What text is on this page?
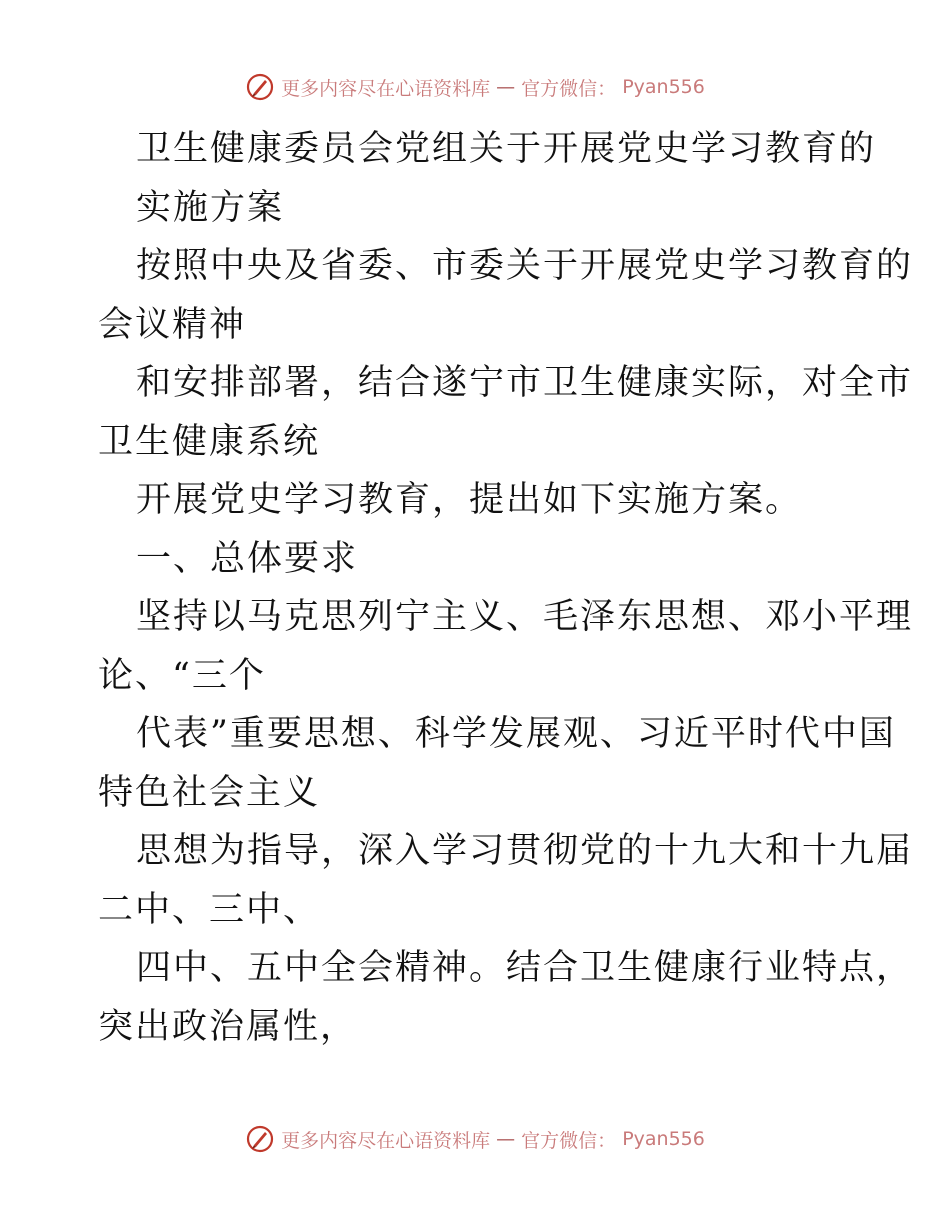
更多内容尽在心语资料库 — 官方微信： Pyan556
卫生健康委员会党组关于开展党史学习教育的
实施方案
按照中央及省委、市委关于开展党史学习教育的
会议精神
和安排部署，结合遂宁市卫生健康实际，对全市
卫生健康系统
开展党史学习教育，提出如下实施方案。
一、总体要求
坚持以马克思列宁主义、毛泽东思想、邓小平理
论、“三个
代表”重要思想、科学发展观、习近平时代中国
特色社会主义
思想为指导，深入学习贯彻党的十九大和十九届
二中、三中、
四中、五中全会精神。结合卫生健康行业特点，
突出政治属性，
更多内容尽在心语资料库 — 官方微信： Pyan556
